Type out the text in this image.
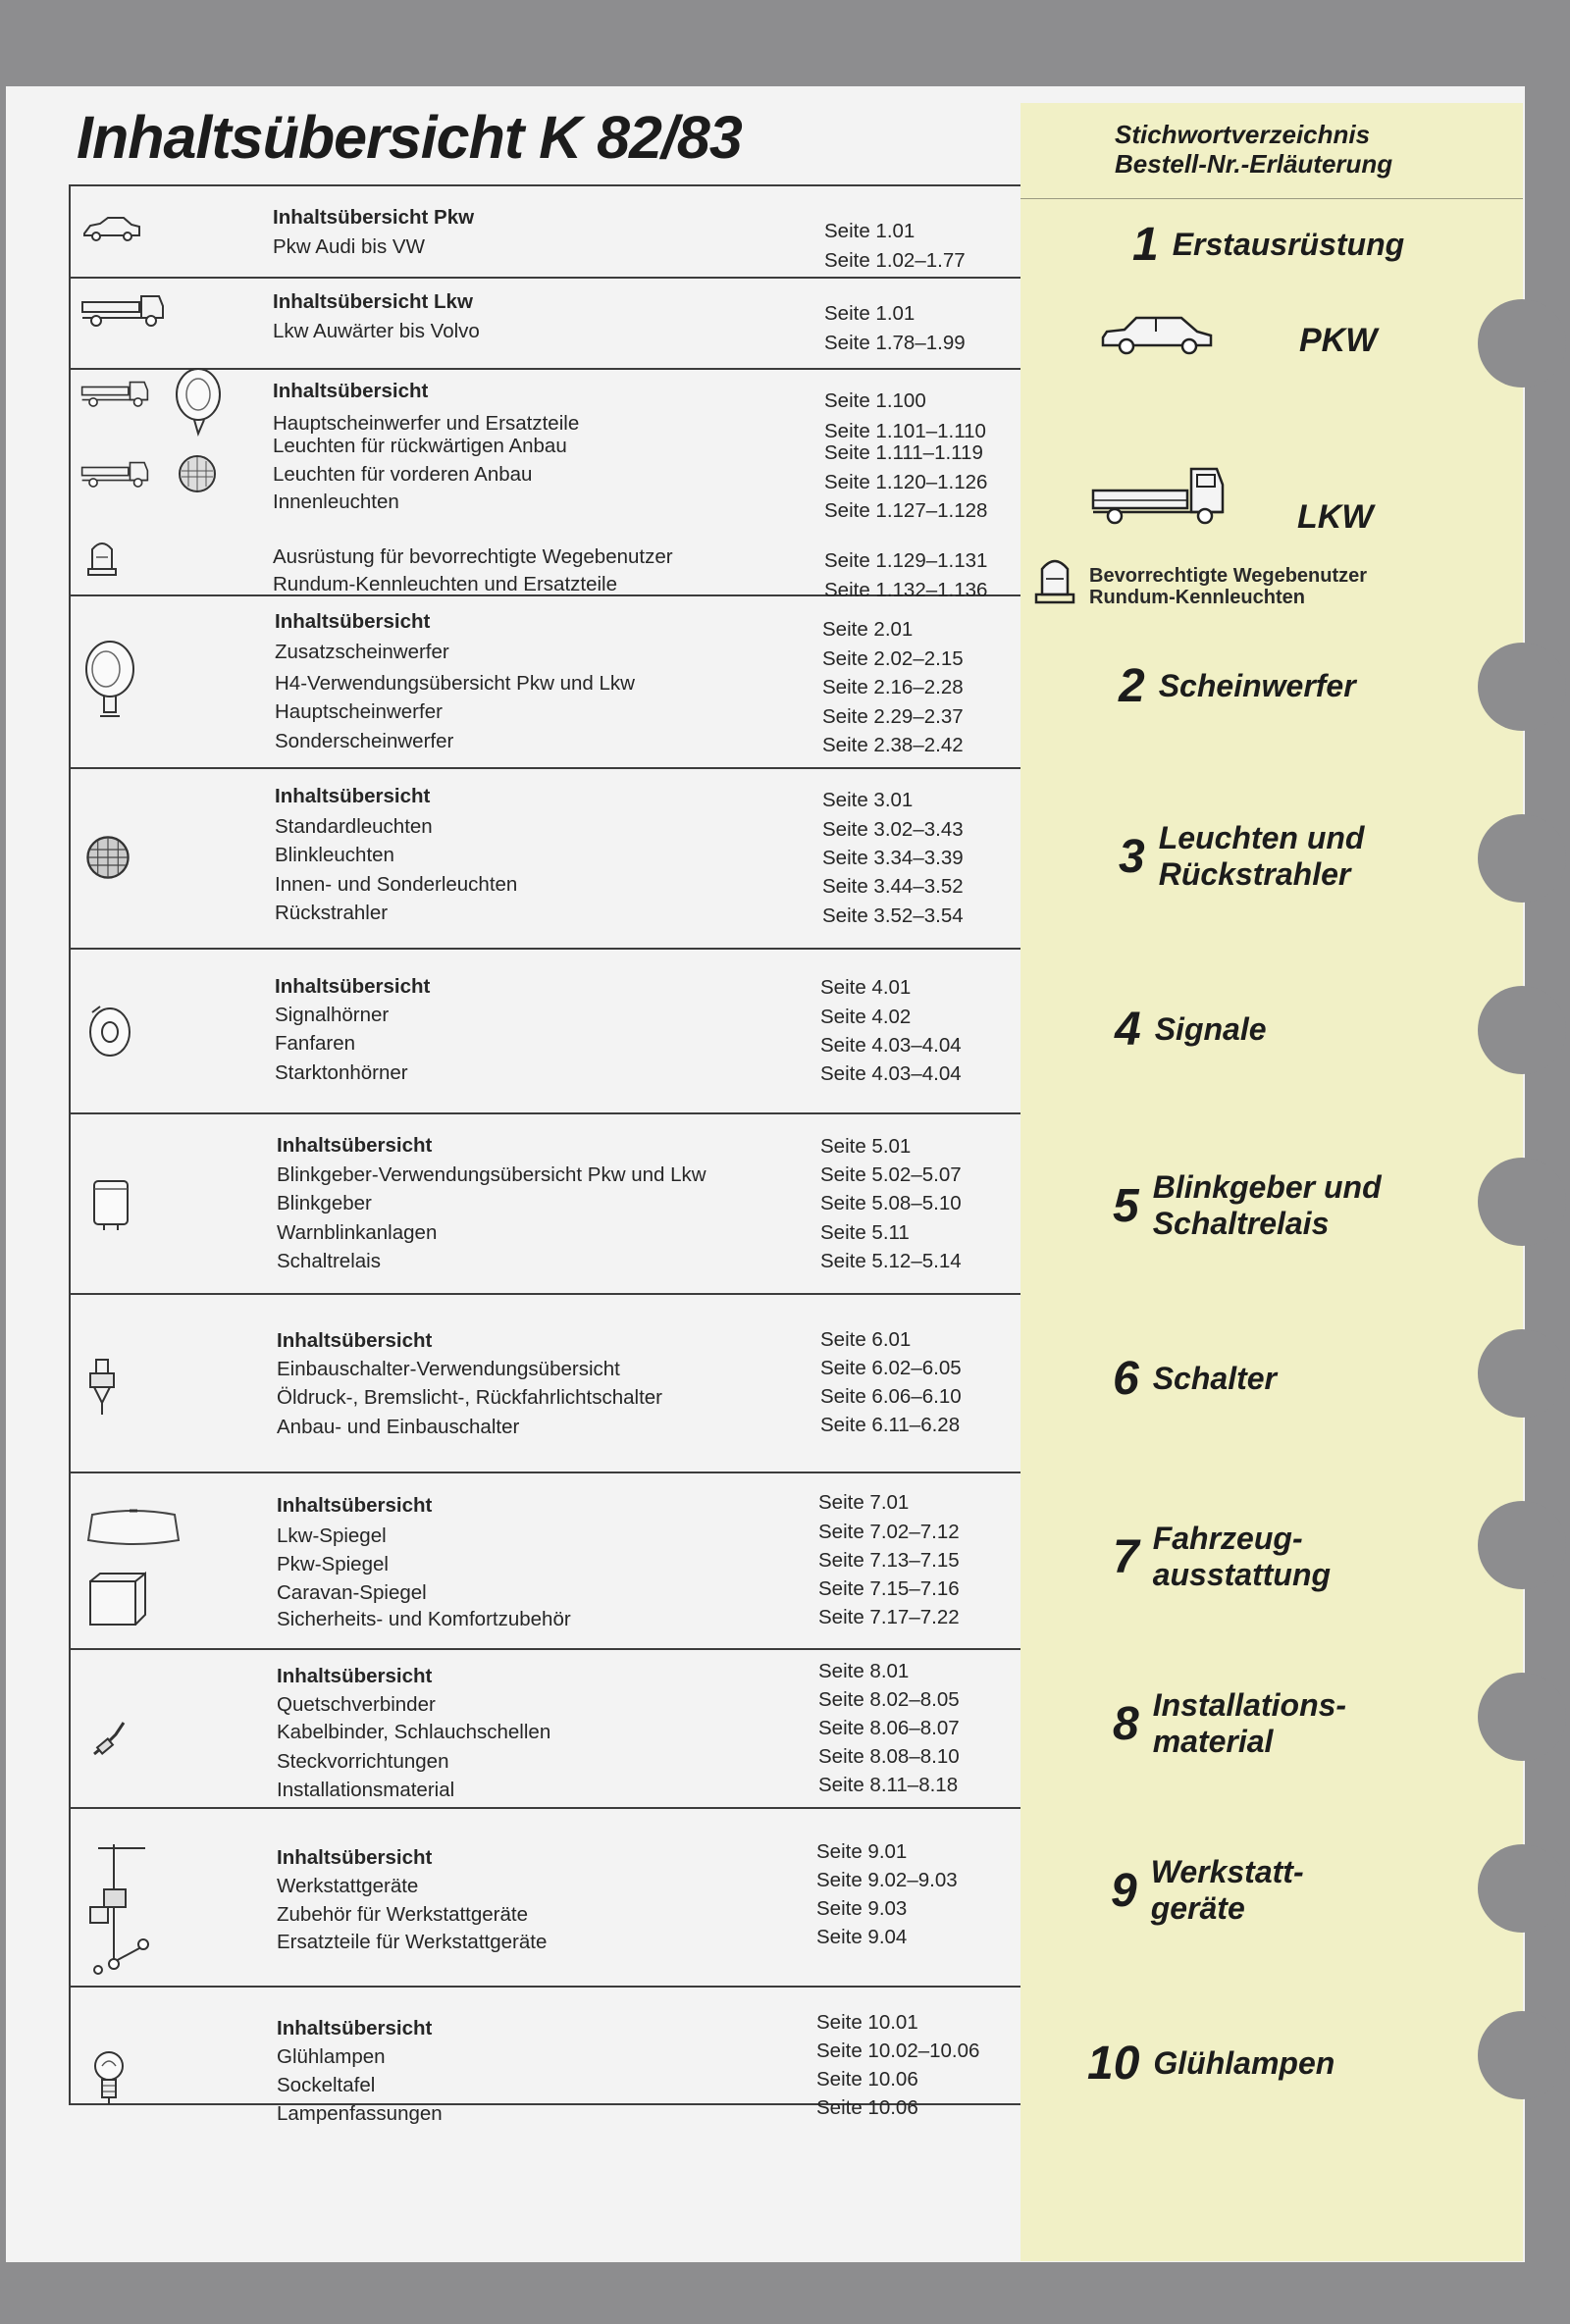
Inhaltsübersicht K 82/83	Stichwortverzeichnis
Bestell-Nr.-Erläuterung
Inhaltsübersicht Pkw
Pkw Audi bis VW
Seite 1.01
Seite 1.02–1.77
Inhaltsübersicht Lkw
Lkw Auwärter bis Volvo
Seite 1.01
Seite 1.78–1.99
Inhaltsübersicht
Hauptscheinwerfer und Ersatzteile
Leuchten für rückwärtigen Anbau
Leuchten für vorderen Anbau
Innenleuchten
Ausrüstung für bevorrechtigte Wegebenutzer
Rundum-Kennleuchten und Ersatzteile
Seite 1.100
Seite 1.101–1.110
Seite 1.111–1.119
Seite 1.120–1.126
Seite 1.127–1.128
Seite 1.129–1.131
Seite 1.132–1.136
Inhaltsübersicht
Zusatzscheinwerfer
H4-Verwendungsübersicht Pkw und Lkw
Hauptscheinwerfer
Sonderscheinwerfer
Seite 2.01
Seite 2.02–2.15
Seite 2.16–2.28
Seite 2.29–2.37
Seite 2.38–2.42
Inhaltsübersicht
Standardleuchten
Blinkleuchten
Innen- und Sonderleuchten
Rückstrahler
Seite 3.01
Seite 3.02–3.43
Seite 3.34–3.39
Seite 3.44–3.52
Seite 3.52–3.54
Inhaltsübersicht
Signalhörner
Fanfaren
Starktonhörner
Seite 4.01
Seite 4.02
Seite 4.03–4.04
Seite 4.03–4.04
Inhaltsübersicht
Blinkgeber-Verwendungsübersicht Pkw und Lkw
Blinkgeber
Warnblinkanlagen
Schaltrelais
Seite 5.01
Seite 5.02–5.07
Seite 5.08–5.10
Seite 5.11
Seite 5.12–5.14
Inhaltsübersicht
Einbauschalter-Verwendungsübersicht
Öldruck-, Bremslicht-, Rückfahrlichtschalter
Anbau- und Einbauschalter
Seite 6.01
Seite 6.02–6.05
Seite 6.06–6.10
Seite 6.11–6.28
Inhaltsübersicht
Lkw-Spiegel
Pkw-Spiegel
Caravan-Spiegel
Sicherheits- und Komfortzubehör
Seite 7.01
Seite 7.02–7.12
Seite 7.13–7.15
Seite 7.15–7.16
Seite 7.17–7.22
Inhaltsübersicht
Quetschverbinder
Kabelbinder, Schlauchschellen
Steckvorrichtungen
Installationsmaterial
Seite 8.01
Seite 8.02–8.05
Seite 8.06–8.07
Seite 8.08–8.10
Seite 8.11–8.18
Inhaltsübersicht
Werkstattgeräte
Zubehör für Werkstattgeräte
Ersatzteile für Werkstattgeräte
Seite 9.01
Seite 9.02–9.03
Seite 9.03
Seite 9.04
Inhaltsübersicht
Glühlampen
Sockeltafel
Lampenfassungen
Seite 10.01
Seite 10.02–10.06
Seite 10.06
Seite 10.06
1 Erstausrüstung
PKW
LKW
Bevorrechtigte Wegebenutzer
Rundum-Kennleuchten
2 Scheinwerfer
3 Leuchten und
Rückstrahler
4 Signale
5 Blinkgeber und
Schaltrelais
6 Schalter
7 Fahrzeug-
ausstattung
8 Installations-
material
9 Werkstatt-
geräte
10 Glühlampen
